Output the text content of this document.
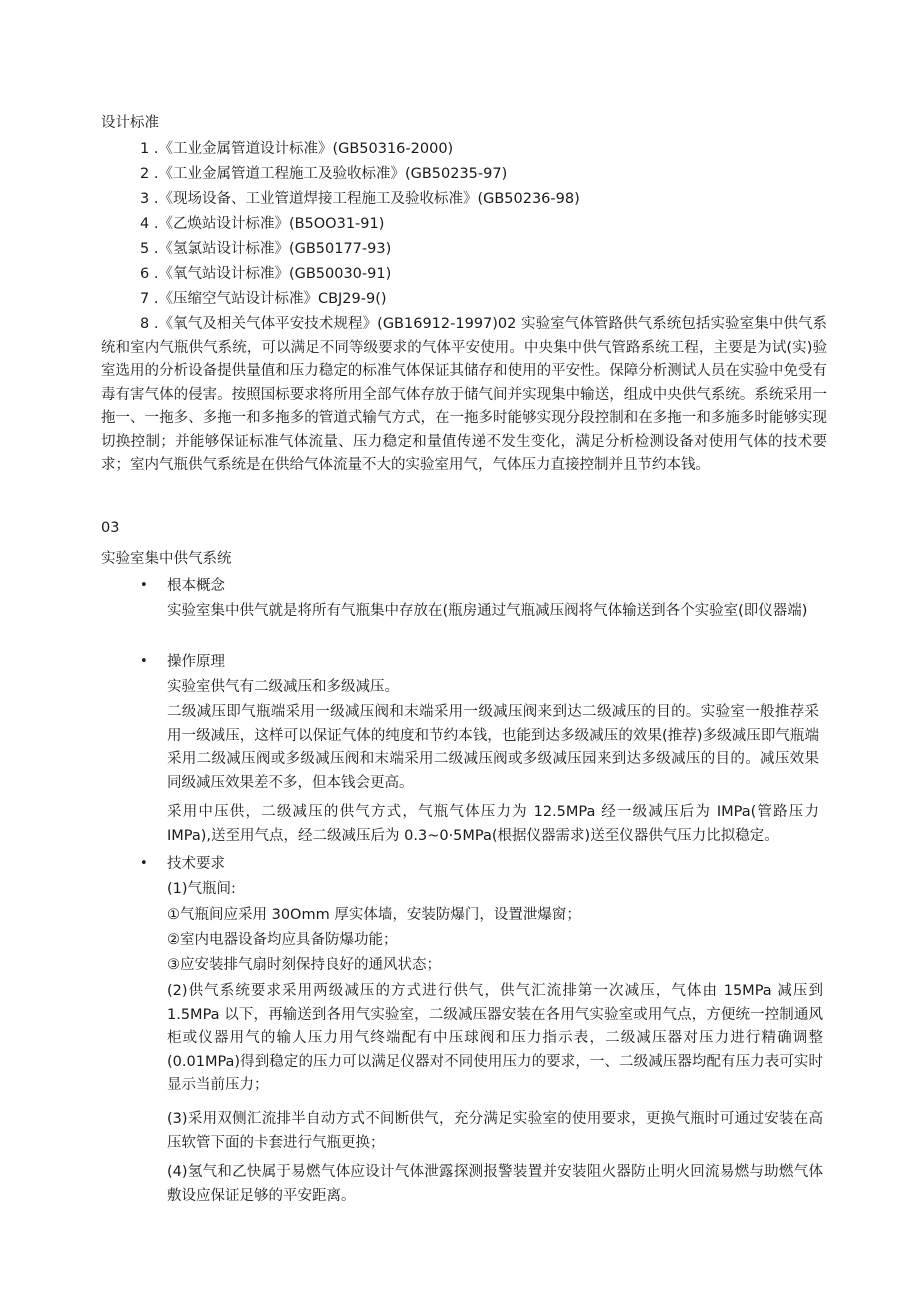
设计标准
1 .《工业金属管道设计标准》(GB50316-2000)
2 .《工业金属管道工程施工及验收标准》(GB50235-97)
3 .《现场设备、工业管道焊接工程施工及验收标准》(GB50236-98)
4 .《乙焕站设计标准》(B5OO31-91)
5 .《氢氯站设计标准》(GB50177-93)
6 .《氧气站设计标准》(GB50030-91)
7 .《压缩空气站设计标准》CBJ29-9()
8 .《氧气及相关气体平安技术规程》(GB16912-1997)02 实验室气体管路供气系统包括实验室集中供气系统和室内气瓶供气系统，可以满足不同等级要求的气体平安使用。中央集中供气管路系统工程，主要是为试(实)验室选用的分析设备提供量值和压力稳定的标准气体保证其储存和使用的平安性。保障分析测试人员在实验中免受有毒有害气体的侵害。按照国标要求将所用全部气体存放于储气间并实现集中输送，组成中央供气系统。系统采用一拖一、一拖多、多拖一和多拖多的管道式输气方式，在一拖多时能够实现分段控制和在多拖一和多施多时能够实现切换控制；并能够保证标准气体流量、压力稳定和量值传递不发生变化，满足分析检测设备对使用气体的技术要求；室内气瓶供气系统是在供给气体流量不大的实验室用气，气体压力直接控制并且节约本钱。
03
实验室集中供气系统
• 根本概念
实验室集中供气就是将所有气瓶集中存放在(瓶房通过气瓶减压阀将气体输送到各个实验室(即仪器端)
• 操作原理
实验室供气有二级减压和多级减压。
二级减压即气瓶端采用一级减压阀和末端采用一级减压阀来到达二级减压的目的。实验室一般推荐采用一级减压，这样可以保证气体的纯度和节约本钱，也能到达多级减压的效果(推荐)多级减压即气瓶端采用二级减压阀或多级减压阀和末端采用二级减压阀或多级减压园来到达多级减压的目的。减压效果同级减压效果差不多，但本钱会更高。
采用中压供，二级减压的供气方式，气瓶气体压力为 12.5MPa 经一级减压后为 IMPa(管路压力IMPa),送至用气点，经二级减压后为 0.3~0·5MPa(根据仪器需求)送至仪器供气压力比拟稳定。
• 技术要求
(1)气瓶间:
①气瓶间应采用 30Omm 厚实体墙，安装防爆门，设置泄爆窗；
②室内电器设备均应具备防爆功能；
③应安装排气扇时刻保持良好的通风状态；
(2)供气系统要求采用两级减压的方式进行供气，供气汇流排第一次减压，气体由 15MPa 减压到 1.5MPa 以下，再输送到各用气实验室，二级减压器安装在各用气实验室或用气点，方便统一控制通风柜或仪器用气的输人压力用气终端配有中压球阀和压力指示表，二级减压器对压力进行精确调整(0.01MPa)得到稳定的压力可以满足仪器对不同使用压力的要求，一、二级减压器均配有压力表可实时显示当前压力；
(3)采用双侧汇流排半自动方式不间断供气，充分满足实验室的使用要求，更换气瓶时可通过安装在高压软管下面的卡套进行气瓶更换；
(4)氢气和乙快属于易燃气体应设计气体泄露探测报警装置并安装阻火器防止明火回流易燃与助燃气体敷设应保证足够的平安距离。
